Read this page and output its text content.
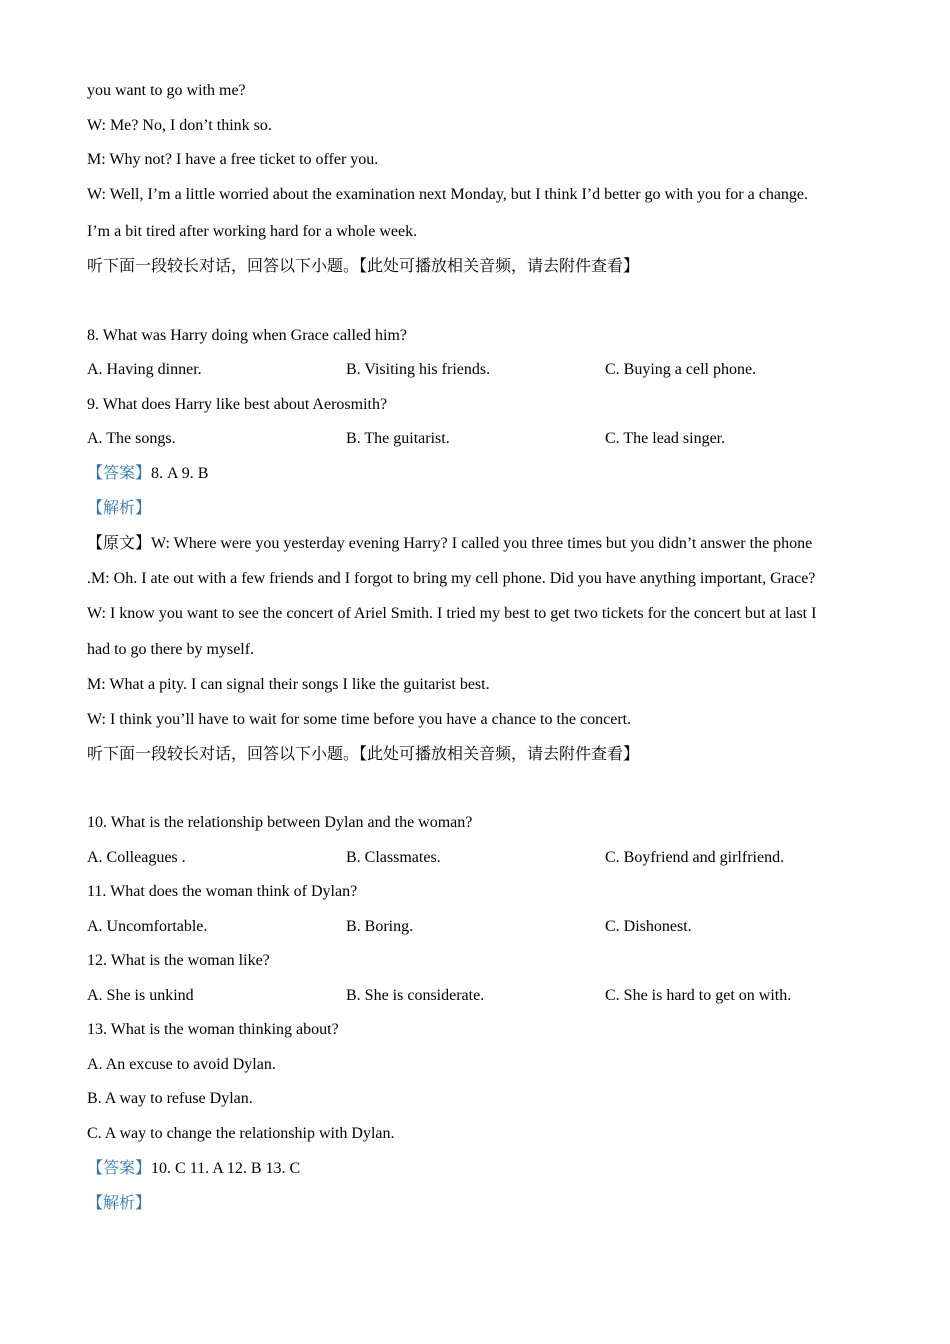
you want to go with me?
W: Me? No, I don’t think so.
M: Why not? I have a free ticket to offer you.
W: Well, I’m a little worried about the examination next Monday, but I think I’d better go with you for a change.
I’m a bit tired after working hard for a whole week.
听下面一段较长对话，回答以下小题。【此处可播放相关音频，请去附件查看】
8. What was Harry doing when Grace called him?
A. Having dinner.	B. Visiting his friends.	C. Buying a cell phone.
9. What does Harry like best about Aerosmith?
A. The songs.	B. The guitarist.	C. The lead singer.
【答案】8. A 9. B
【解析】
【原文】W: Where were you yesterday evening Harry? I called you three times but you didn’t answer the phone
.M: Oh. I ate out with a few friends and I forgot to bring my cell phone. Did you have anything important, Grace?
W: I know you want to see the concert of Ariel Smith. I tried my best to get two tickets for the concert but at last I
had to go there by myself.
M: What a pity. I can signal their songs I like the guitarist best.
W: I think you’ll have to wait for some time before you have a chance to the concert.
听下面一段较长对话，回答以下小题。【此处可播放相关音频，请去附件查看】
10. What is the relationship between Dylan and the woman?
A. Colleagues .	B. Classmates.	C. Boyfriend and girlfriend.
11. What does the woman think of Dylan?
A. Uncomfortable.	B. Boring.	C. Dishonest.
12. What is the woman like?
A. She is unkind	B. She is considerate.	C. She is hard to get on with.
13. What is the woman thinking about?
A. An excuse to avoid Dylan.
B. A way to refuse Dylan.
C. A way to change the relationship with Dylan.
【答案】10. C 11. A 12. B 13. C
【解析】
